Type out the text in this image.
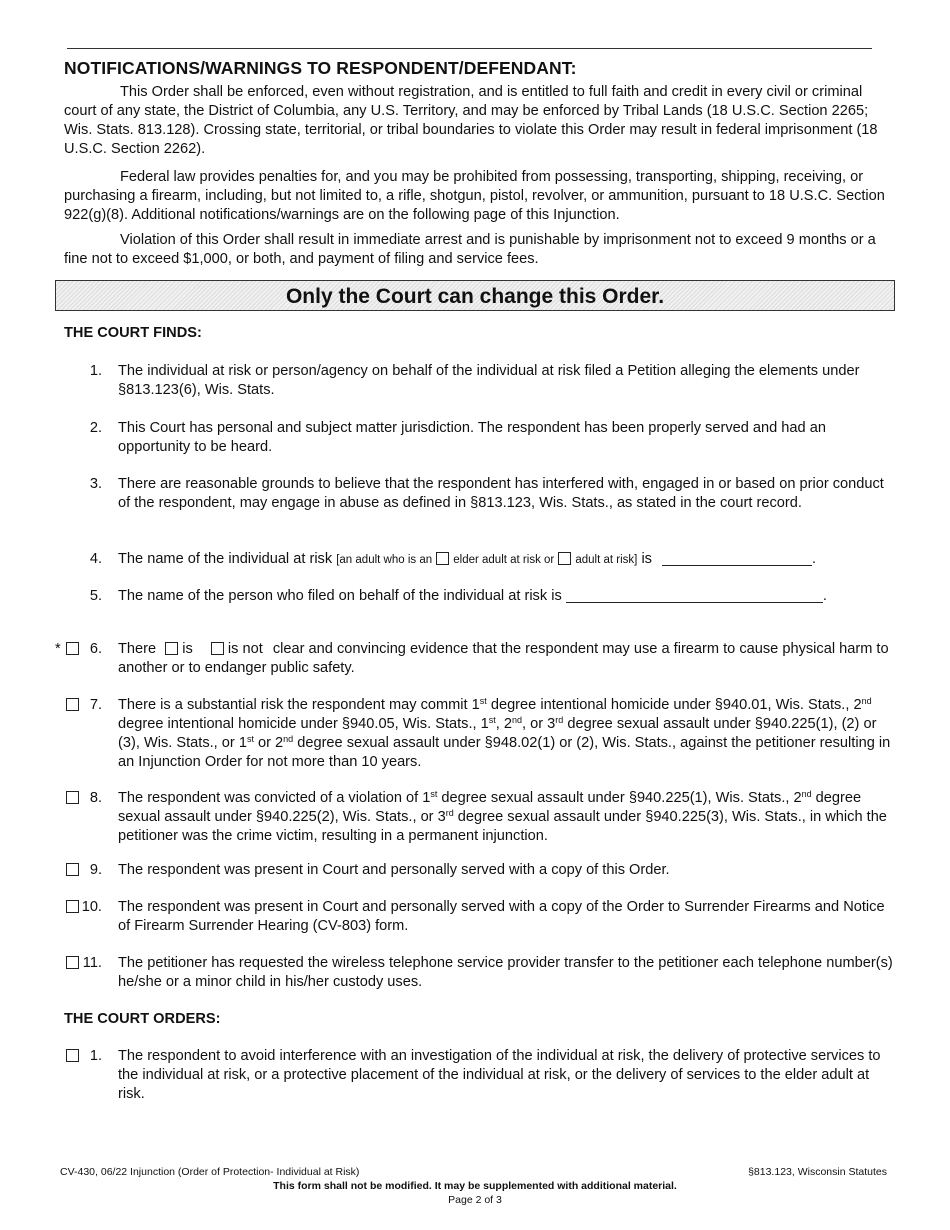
NOTIFICATIONS/WARNINGS TO RESPONDENT/DEFENDANT:
This Order shall be enforced, even without registration, and is entitled to full faith and credit in every civil or criminal court of any state, the District of Columbia, any U.S. Territory, and may be enforced by Tribal Lands (18 U.S.C. Section 2265; Wis. Stats. 813.128). Crossing state, territorial, or tribal boundaries to violate this Order may result in federal imprisonment (18 U.S.C. Section 2262).
Federal law provides penalties for, and you may be prohibited from possessing, transporting, shipping, receiving, or purchasing a firearm, including, but not limited to, a rifle, shotgun, pistol, revolver, or ammunition, pursuant to 18 U.S.C. Section 922(g)(8). Additional notifications/warnings are on the following page of this Injunction.
Violation of this Order shall result in immediate arrest and is punishable by imprisonment not to exceed 9 months or a fine not to exceed $1,000, or both, and payment of filing and service fees.
Only the Court can change this Order.
THE COURT FINDS:
1. The individual at risk or person/agency on behalf of the individual at risk filed a Petition alleging the elements under §813.123(6), Wis. Stats.
2. This Court has personal and subject matter jurisdiction. The respondent has been properly served and had an opportunity to be heard.
3. There are reasonable grounds to believe that the respondent has interfered with, engaged in or based on prior conduct of the respondent, may engage in abuse as defined in §813.123, Wis. Stats., as stated in the court record.
4. The name of the individual at risk [an adult who is an elder adult at risk or adult at risk] is	.
5. The name of the person who filed on behalf of the individual at risk is	.
*	6. There is is not clear and convincing evidence that the respondent may use a firearm to cause physical harm to another or to endanger public safety.
7. There is a substantial risk the respondent may commit 1st degree intentional homicide under §940.01, Wis. Stats., 2nd degree intentional homicide under §940.05, Wis. Stats., 1st, 2nd, or 3rd degree sexual assault under §940.225(1), (2) or (3), Wis. Stats., or 1st or 2nd degree sexual assault under §948.02(1) or (2), Wis. Stats., against the petitioner resulting in an Injunction Order for not more than 10 years.
8. The respondent was convicted of a violation of 1st degree sexual assault under §940.225(1), Wis. Stats., 2nd degree sexual assault under §940.225(2), Wis. Stats., or 3rd degree sexual assault under §940.225(3), Wis. Stats., in which the petitioner was the crime victim, resulting in a permanent injunction.
9. The respondent was present in Court and personally served with a copy of this Order.
10. The respondent was present in Court and personally served with a copy of the Order to Surrender Firearms and Notice of Firearm Surrender Hearing (CV-803) form.
11. The petitioner has requested the wireless telephone service provider transfer to the petitioner each telephone number(s) he/she or a minor child in his/her custody uses.
THE COURT ORDERS:
1. The respondent to avoid interference with an investigation of the individual at risk, the delivery of protective services to the individual at risk, or a protective placement of the individual at risk, or the delivery of services to the elder adult at risk.
CV-430, 06/22 Injunction (Order of Protection- Individual at Risk)	§813.123, Wisconsin Statutes
This form shall not be modified. It may be supplemented with additional material.
Page 2 of 3
